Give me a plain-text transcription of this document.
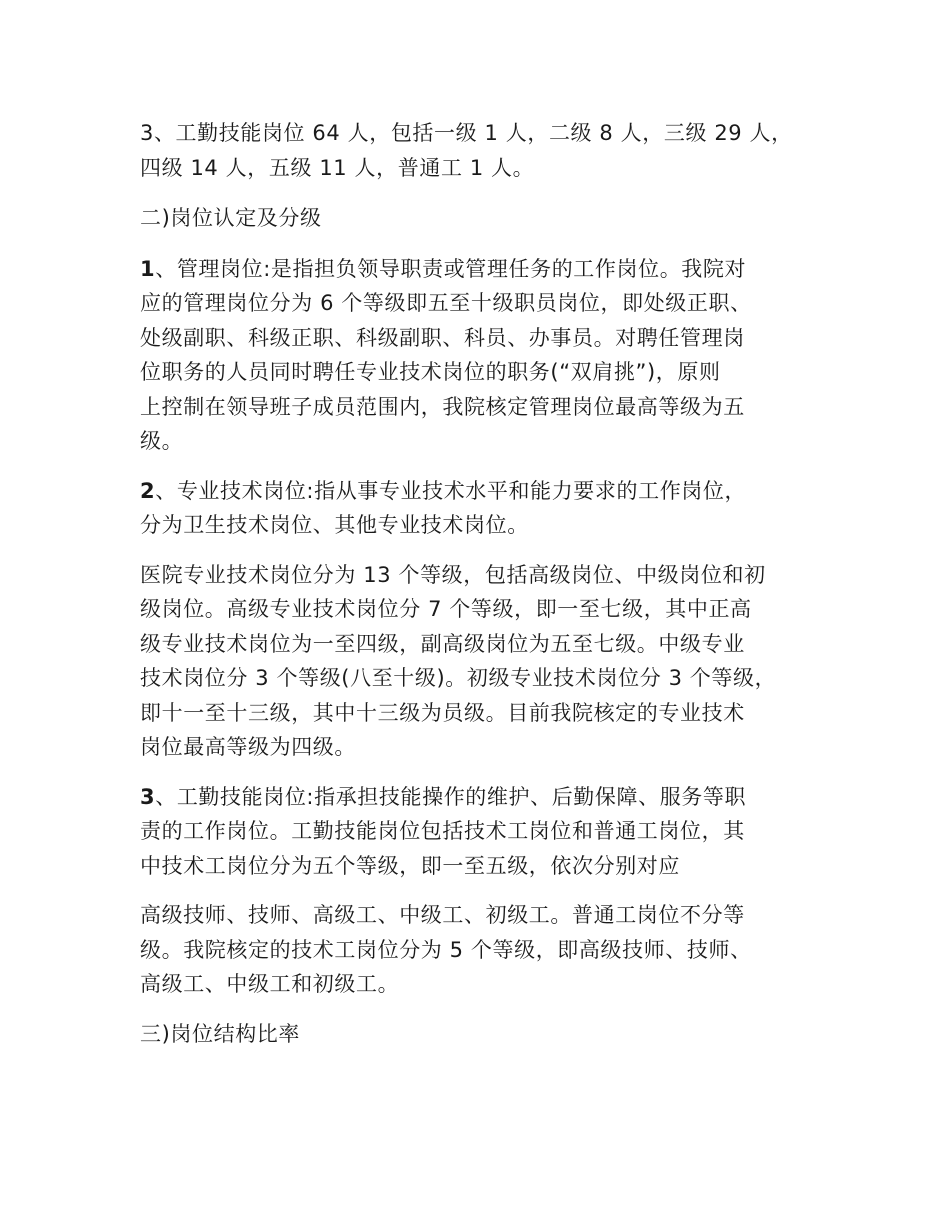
3、工勤技能岗位 64 人，包括一级 1 人，二级 8 人，三级 29 人，
四级 14 人，五级 11 人，普通工 1 人。

二)岗位认定及分级

1、管理岗位:是指担负领导职责或管理任务的工作岗位。我院对
应的管理岗位分为 6 个等级即五至十级职员岗位，即处级正职、
处级副职、科级正职、科级副职、科员、办事员。对聘任管理岗
位职务的人员同时聘任专业技术岗位的职务(“双肩挑”)，原则
上控制在领导班子成员范围内，我院核定管理岗位最高等级为五
级。

2、专业技术岗位:指从事专业技术水平和能力要求的工作岗位，
分为卫生技术岗位、其他专业技术岗位。

医院专业技术岗位分为 13 个等级，包括高级岗位、中级岗位和初
级岗位。高级专业技术岗位分 7 个等级，即一至七级，其中正高
级专业技术岗位为一至四级，副高级岗位为五至七级。中级专业
技术岗位分 3 个等级(八至十级)。初级专业技术岗位分 3 个等级，
即十一至十三级，其中十三级为员级。目前我院核定的专业技术
岗位最高等级为四级。

3、工勤技能岗位:指承担技能操作的维护、后勤保障、服务等职
责的工作岗位。工勤技能岗位包括技术工岗位和普通工岗位，其
中技术工岗位分为五个等级，即一至五级，依次分别对应

高级技师、技师、高级工、中级工、初级工。普通工岗位不分等
级。我院核定的技术工岗位分为 5 个等级，即高级技师、技师、
高级工、中级工和初级工。

三)岗位结构比率
